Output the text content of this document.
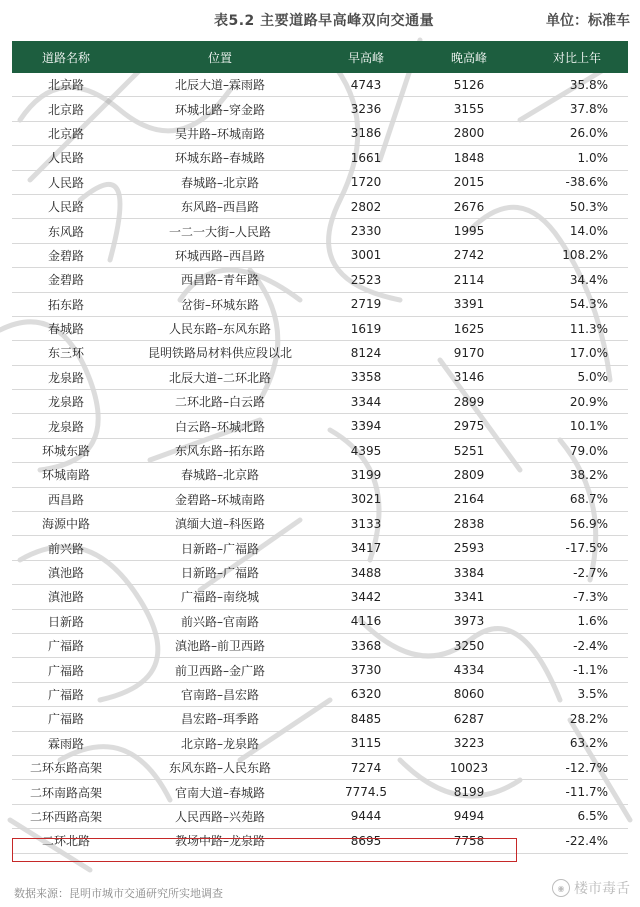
表5.2 主要道路早高峰双向交通量	单位：标准车
道路名称	位置	早高峰	晚高峰	对比上年
北京路	北辰大道–霖雨路	4743	5126	35.8%
北京路	环城北路–穿金路	3236	3155	37.8%
北京路	吴井路–环城南路	3186	2800	26.0%
人民路	环城东路–春城路	1661	1848	1.0%
人民路	春城路–北京路	1720	2015	-38.6%
人民路	东风路–西昌路	2802	2676	50.3%
东风路	一二一大街–人民路	2330	1995	14.0%
金碧路	环城西路–西昌路	3001	2742	108.2%
金碧路	西昌路–青年路	2523	2114	34.4%
拓东路	岔街–环城东路	2719	3391	54.3%
春城路	人民东路–东风东路	1619	1625	11.3%
东三环	昆明铁路局材料供应段以北	8124	9170	17.0%
龙泉路	北辰大道–二环北路	3358	3146	5.0%
龙泉路	二环北路–白云路	3344	2899	20.9%
龙泉路	白云路–环城北路	3394	2975	10.1%
环城东路	东风东路–拓东路	4395	5251	79.0%
环城南路	春城路–北京路	3199	2809	38.2%
西昌路	金碧路–环城南路	3021	2164	68.7%
海源中路	滇缅大道–科医路	3133	2838	56.9%
前兴路	日新路–广福路	3417	2593	-17.5%
滇池路	日新路–广福路	3488	3384	-2.7%
滇池路	广福路–南绕城	3442	3341	-7.3%
日新路	前兴路–官南路	4116	3973	1.6%
广福路	滇池路–前卫西路	3368	3250	-2.4%
广福路	前卫西路–金广路	3730	4334	-1.1%
广福路	官南路–昌宏路	6320	8060	3.5%
广福路	昌宏路–珥季路	8485	6287	28.2%
霖雨路	北京路–龙泉路	3115	3223	63.2%
二环东路高架	东风东路–人民东路	7274	10023	-12.7%
二环南路高架	官南大道–春城路	7774.5	8199	-11.7%
二环西路高架	人民西路–兴苑路	9444	9494	6.5%
二环北路	教场中路–龙泉路	8695	7758	-22.4%
数据来源：昆明市城市交通研究所实地调查	◉ 楼市毒舌
